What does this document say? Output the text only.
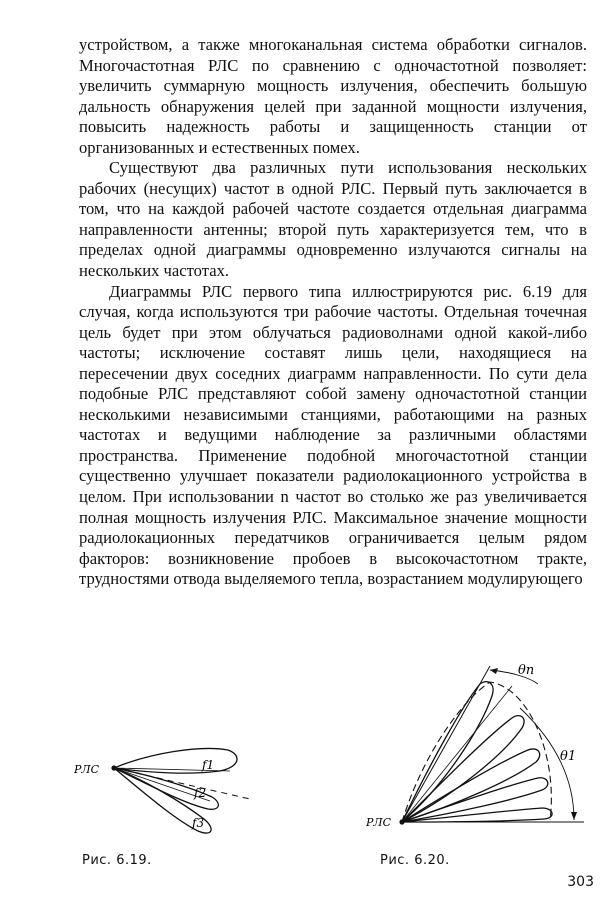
устройством, а также многоканальная система обработки сигналов. Многочастотная РЛС по сравнению с одночастотной позволяет: увеличить суммарную мощность излучения, обеспечить большую дальность обнаружения целей при заданной мощности излучения, повысить надежность работы и защищенность станции от организованных и естественных помех.

Существуют два различных пути использования нескольких рабочих (несущих) частот в одной РЛС. Первый путь заключается в том, что на каждой рабочей частоте создается отдельная диаграмма направленности антенны; второй путь характеризуется тем, что в пределах одной диаграммы одновременно излучаются сигналы на нескольких частотах.

Диаграммы РЛС первого типа иллюстрируются рис. 6.19 для случая, когда используются три рабочие частоты. Отдельная точечная цель будет при этом облучаться радиоволнами одной какой-либо частоты; исключение составят лишь цели, находящиеся на пересечении двух соседних диаграмм направленности. По сути дела подобные РЛС представляют собой замену одночастотной станции несколькими независимыми станциями, работающими на разных частотах и ведущими наблюдение за различными областями пространства. Применение подобной многочастотной станции существенно улучшает показатели радиолокационного устройства в целом. При использовании n частот во столько же раз увеличивается полная мощность излучения РЛС. Максимальное значение мощности радиолокационных передатчиков ограничивается целым рядом факторов: возникновение пробоев в высокочастотном тракте, трудностями отвода выделяемого тепла, возрастанием модулирующего

РЛС	f1
f2
f3
Рис. 6.19.
РЛС
θn
θ1
Рис. 6.20.
303
